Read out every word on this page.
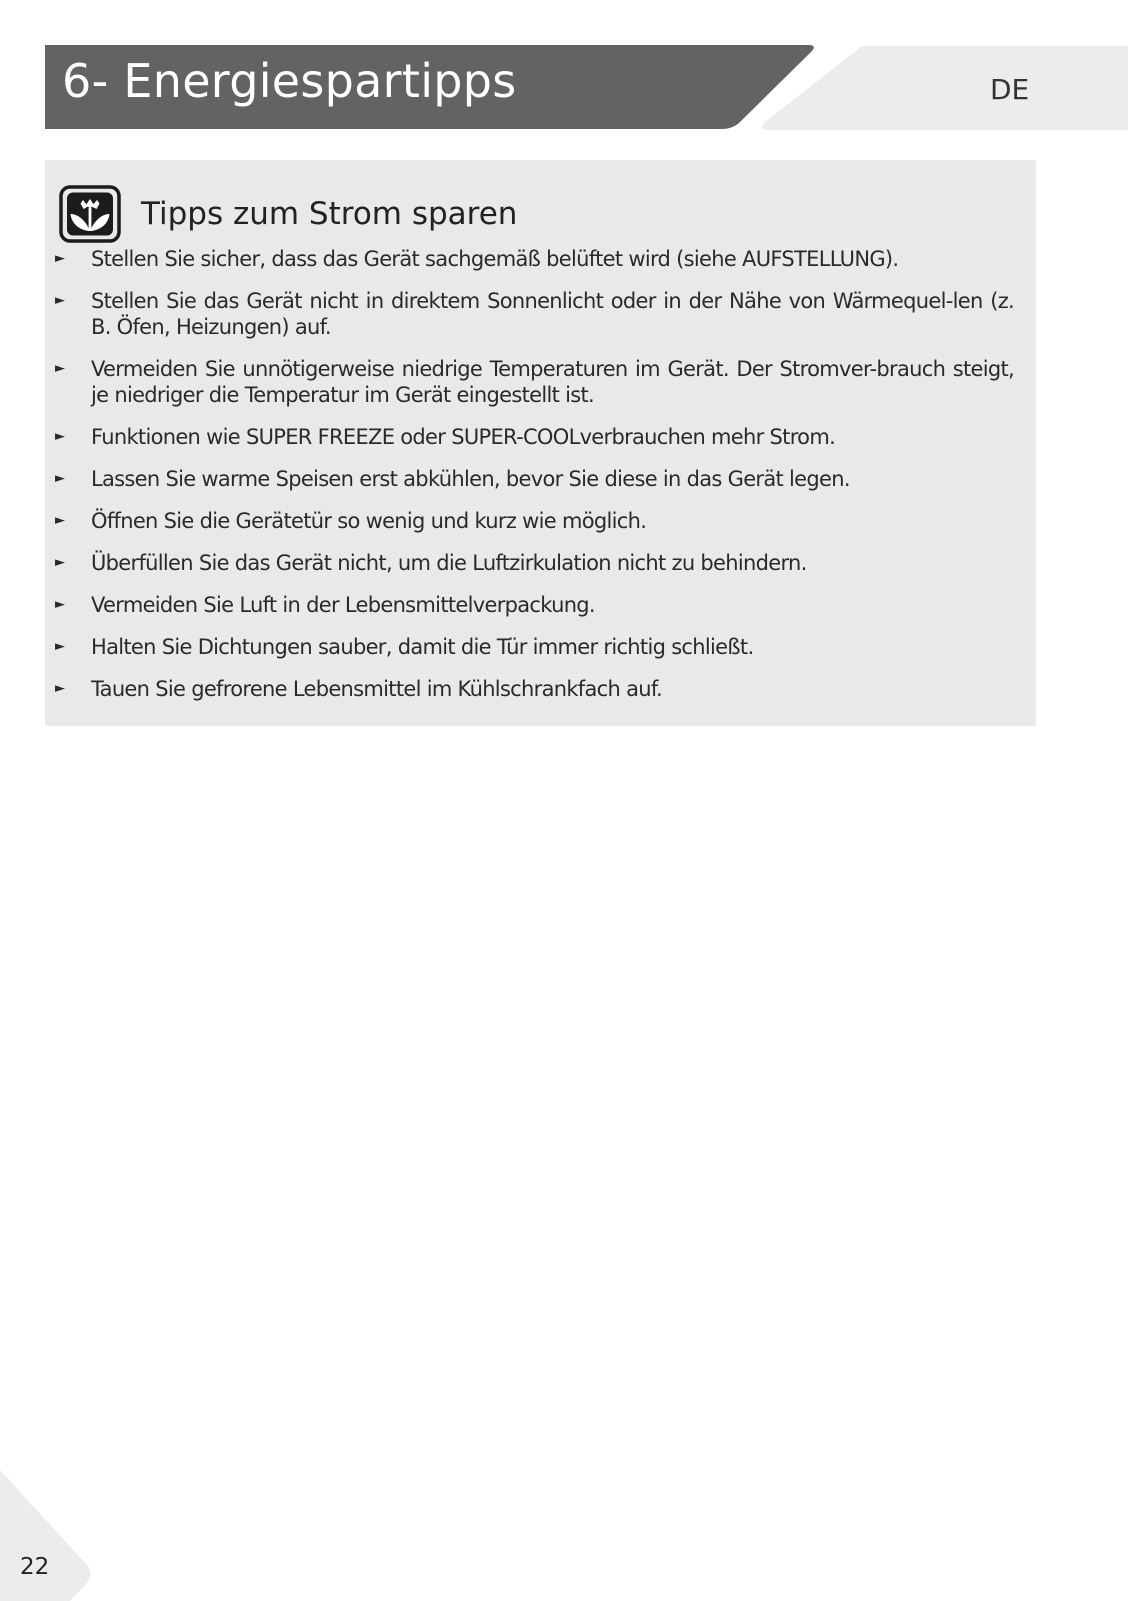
6- Energiespartipps	DE
Tipps zum Strom sparen
► Stellen Sie sicher, dass das Gerät sachgemäß belüftet wird (siehe AUFSTELLUNG).
► Stellen Sie das Gerät nicht in direktem Sonnenlicht oder in der Nähe von Wärmequel-len (z. B. Öfen, Heizungen) auf.
► Vermeiden Sie unnötigerweise niedrige Temperaturen im Gerät. Der Stromver-brauch steigt, je niedriger die Temperatur im Gerät eingestellt ist.
► Funktionen wie SUPER FREEZE oder SUPER-COOLverbrauchen mehr Strom.
► Lassen Sie warme Speisen erst abkühlen, bevor Sie diese in das Gerät legen.
► Öffnen Sie die Gerätetür so wenig und kurz wie möglich.
► Überfüllen Sie das Gerät nicht, um die Luftzirkulation nicht zu behindern.
► Vermeiden Sie Luft in der Lebensmittelverpackung.
► Halten Sie Dichtungen sauber, damit die Tür immer richtig schließt.
► Tauen Sie gefrorene Lebensmittel im Kühlschrankfach auf.
22
